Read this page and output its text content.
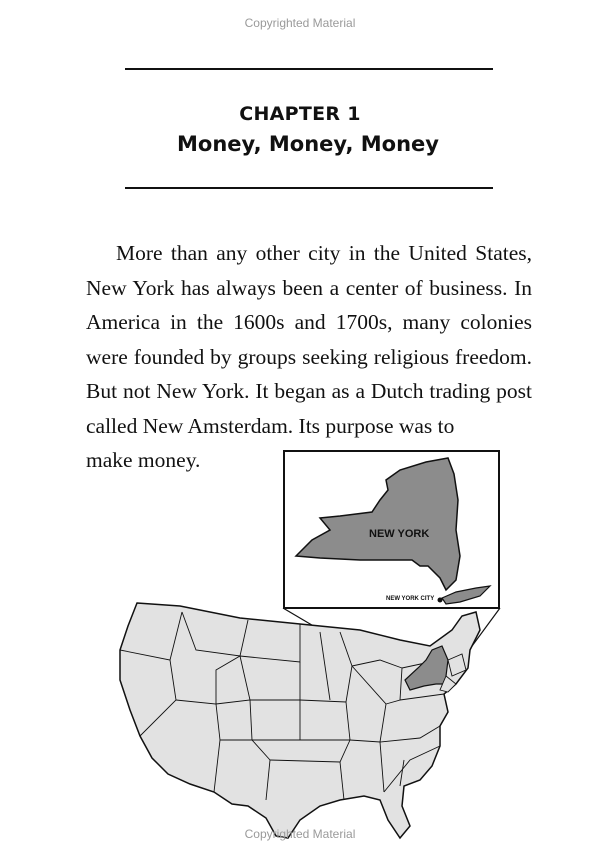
Copyrighted Material
CHAPTER 1
Money, Money, Money

More than any other city in the United States, New York has always been a center of business. In America in the 1600s and 1700s, many colonies were founded by groups seeking religious freedom. But not New York. It began as a Dutch trading post called New Amsterdam. Its purpose was to

make money.
NEW YORK
NEW YORK CITY
Copyrighted Material
